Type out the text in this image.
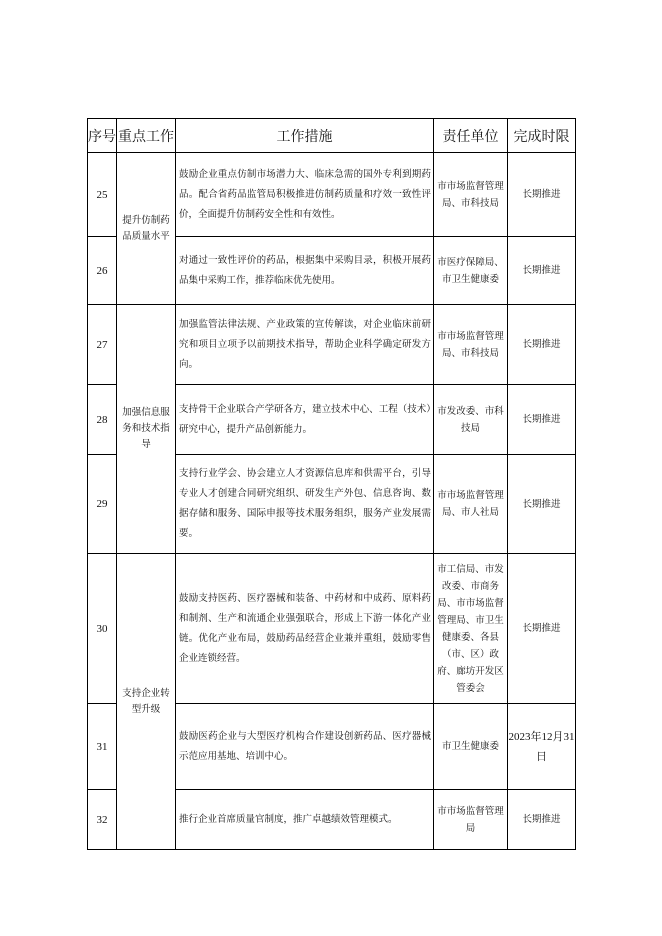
序号	重点工作	工作措施	责任单位	完成时限
25	提升仿制药品质量水平	鼓励企业重点仿制市场潜力大、临床急需的国外专利到期药品。配合省药品监管局积极推进仿制药质量和疗效一致性评价，全面提升仿制药安全性和有效性。	市市场监督管理局、市科技局	长期推进
26		对通过一致性评价的药品，根据集中采购目录，积极开展药品集中采购工作，推荐临床优先使用。	市医疗保障局、市卫生健康委	长期推进
27	加强信息服务和技术指导	加强监管法律法规、产业政策的宣传解读，对企业临床前研究和项目立项予以前期技术指导，帮助企业科学确定研发方向。	市市场监督管理局、市科技局	长期推进
28		支持骨干企业联合产学研各方，建立技术中心、工程（技术）研究中心，提升产品创新能力。	市发改委、市科技局	长期推进
29		支持行业学会、协会建立人才资源信息库和供需平台，引导专业人才创建合同研究组织、研发生产外包、信息咨询、数据存储和服务、国际申报等技术服务组织，服务产业发展需要。	市市场监督管理局、市人社局	长期推进
30	支持企业转型升级	鼓励支持医药、医疗器械和装备、中药材和中成药、原料药和制剂、生产和流通企业强强联合，形成上下游一体化产业链。优化产业布局，鼓励药品经营企业兼并重组，鼓励零售企业连锁经营。	市工信局、市发改委、市商务局、市市场监督管理局、市卫生健康委、各县（市、区）政府、廊坊开发区管委会	长期推进
31		鼓励医药企业与大型医疗机构合作建设创新药品、医疗器械示范应用基地、培训中心。	市卫生健康委	2023年12月31日
32		推行企业首席质量官制度，推广卓越绩效管理模式。	市市场监督管理局	长期推进
